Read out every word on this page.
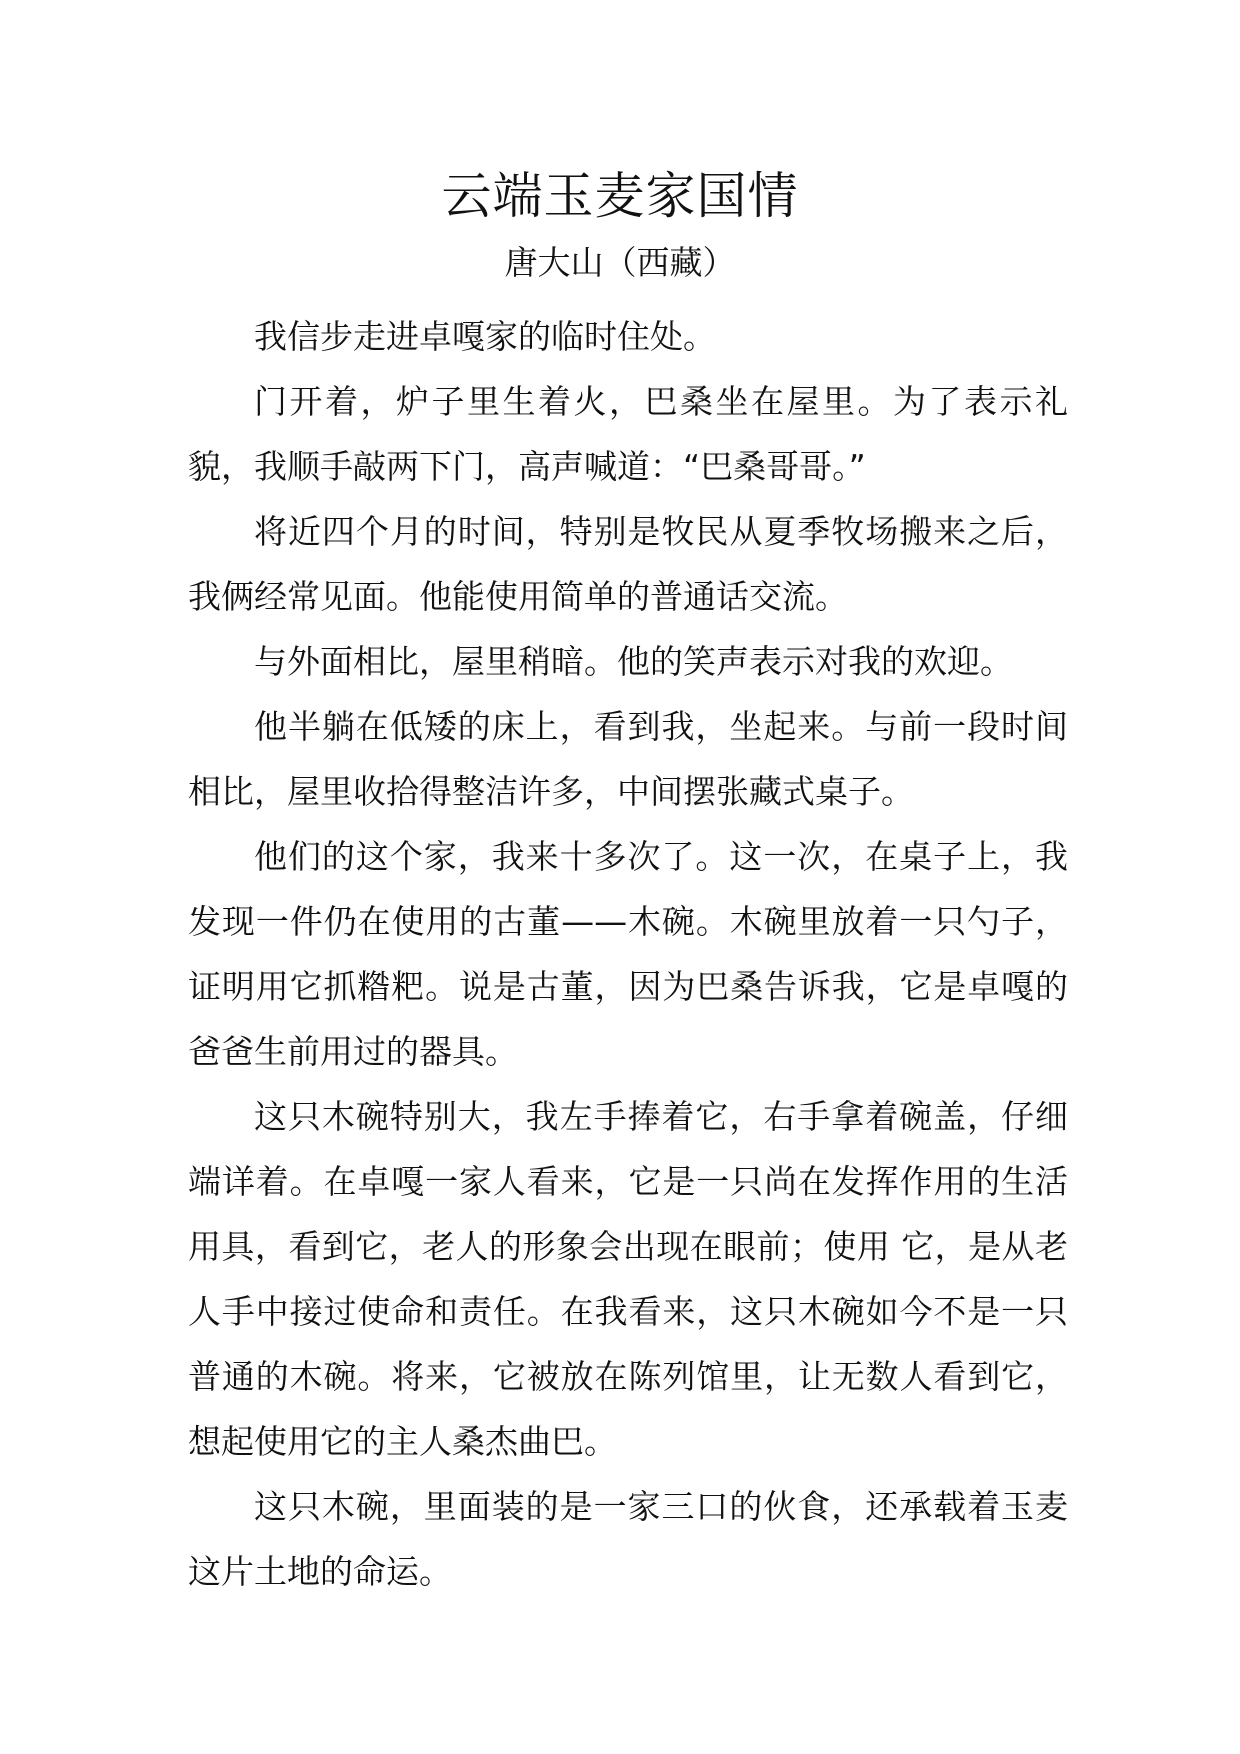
云端玉麦家国情
唐大山（西藏）

我信步走进卓嘎家的临时住处。

门开着，炉子里生着火，巴桑坐在屋里。为了表示礼貌，我顺手敲两下门，高声喊道：“巴桑哥哥。”

将近四个月的时间，特别是牧民从夏季牧场搬来之后，我俩经常见面。他能使用简单的普通话交流。

与外面相比，屋里稍暗。他的笑声表示对我的欢迎。

他半躺在低矮的床上，看到我，坐起来。与前一段时间相比，屋里收拾得整洁许多，中间摆张藏式桌子。

他们的这个家，我来十多次了。这一次，在桌子上，我发现一件仍在使用的古董——木碗。木碗里放着一只勺子，证明用它抓糌粑。说是古董，因为巴桑告诉我，它是卓嘎的爸爸生前用过的器具。

这只木碗特别大，我左手捧着它，右手拿着碗盖，仔细端详着。在卓嘎一家人看来，它是一只尚在发挥作用的生活用具，看到它，老人的形象会出现在眼前；使用 它，是从老人手中接过使命和责任。在我看来，这只木碗如今不是一只普通的木碗。将来，它被放在陈列馆里，让无数人看到它，想起使用它的主人桑杰曲巴。

这只木碗，里面装的是一家三口的伙食，还承载着玉麦这片土地的命运。
